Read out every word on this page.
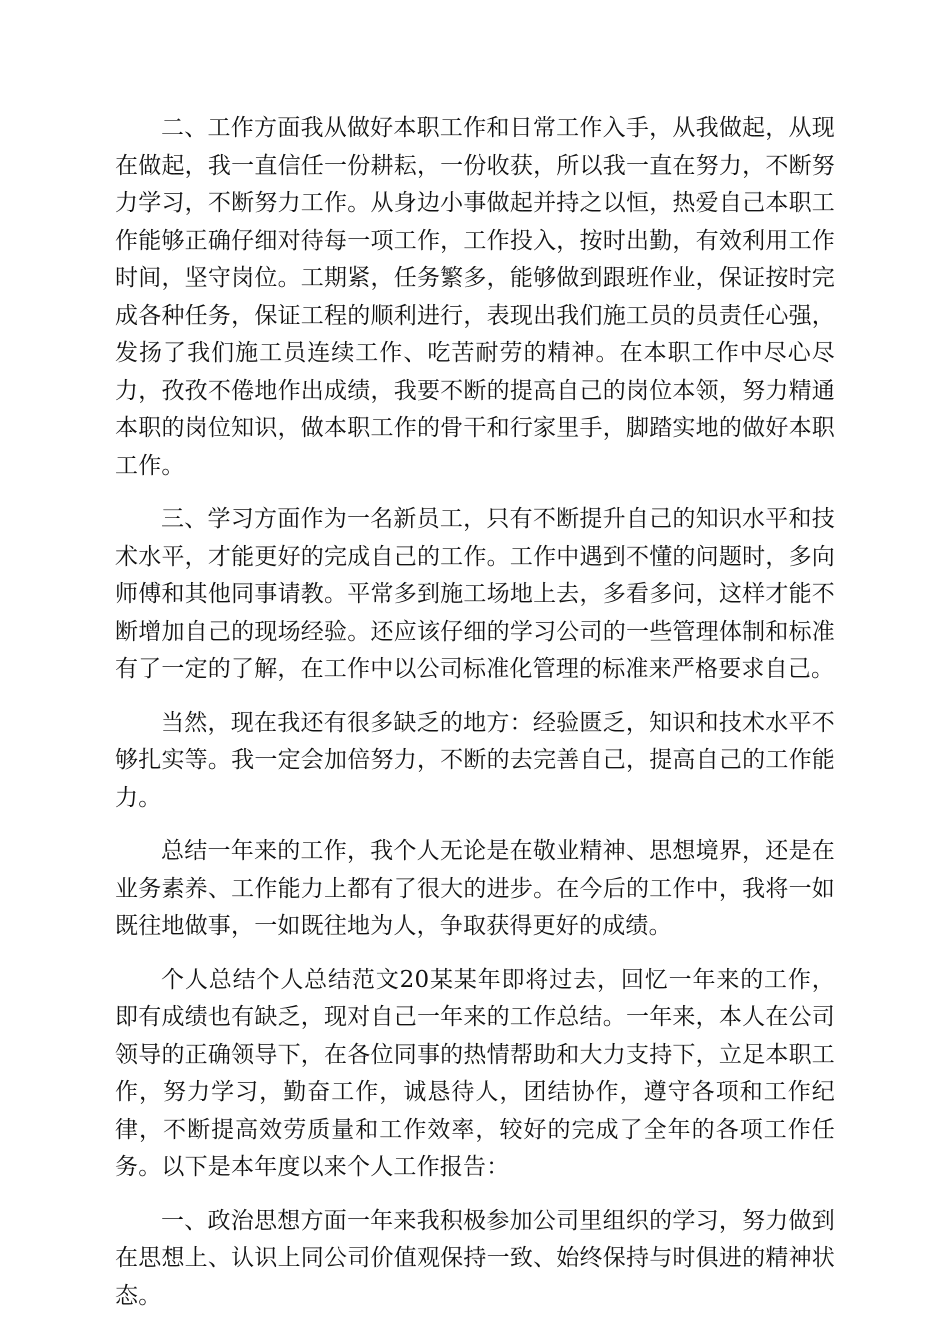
二、工作方面我从做好本职工作和日常工作入手，从我做起，从现在做起，我一直信任一份耕耘，一份收获，所以我一直在努力，不断努力学习，不断努力工作。从身边小事做起并持之以恒，热爱自己本职工作能够正确仔细对待每一项工作，工作投入，按时出勤，有效利用工作时间，坚守岗位。工期紧，任务繁多，能够做到跟班作业，保证按时完成各种任务，保证工程的顺利进行，表现出我们施工员的员责任心强，发扬了我们施工员连续工作、吃苦耐劳的精神。在本职工作中尽心尽力，孜孜不倦地作出成绩，我要不断的提高自己的岗位本领，努力精通本职的岗位知识，做本职工作的骨干和行家里手，脚踏实地的做好本职工作。

三、学习方面作为一名新员工，只有不断提升自己的知识水平和技术水平，才能更好的完成自己的工作。工作中遇到不懂的问题时，多向师傅和其他同事请教。平常多到施工场地上去，多看多问，这样才能不断增加自己的现场经验。还应该仔细的学习公司的一些管理体制和标准有了一定的了解，在工作中以公司标准化管理的标准来严格要求自己。

当然，现在我还有很多缺乏的地方：经验匮乏，知识和技术水平不够扎实等。我一定会加倍努力，不断的去完善自己，提高自己的工作能力。

总结一年来的工作，我个人无论是在敬业精神、思想境界，还是在业务素养、工作能力上都有了很大的进步。在今后的工作中，我将一如既往地做事，一如既往地为人，争取获得更好的成绩。

个人总结个人总结范文20某某年即将过去，回忆一年来的工作，即有成绩也有缺乏，现对自己一年来的工作总结。一年来，本人在公司领导的正确领导下，在各位同事的热情帮助和大力支持下，立足本职工作，努力学习，勤奋工作，诚恳待人，团结协作，遵守各项和工作纪律，不断提高效劳质量和工作效率，较好的完成了全年的各项工作任务。以下是本年度以来个人工作报告：

一、政治思想方面一年来我积极参加公司里组织的学习，努力做到在思想上、认识上同公司价值观保持一致、始终保持与时俱进的精神状态。
